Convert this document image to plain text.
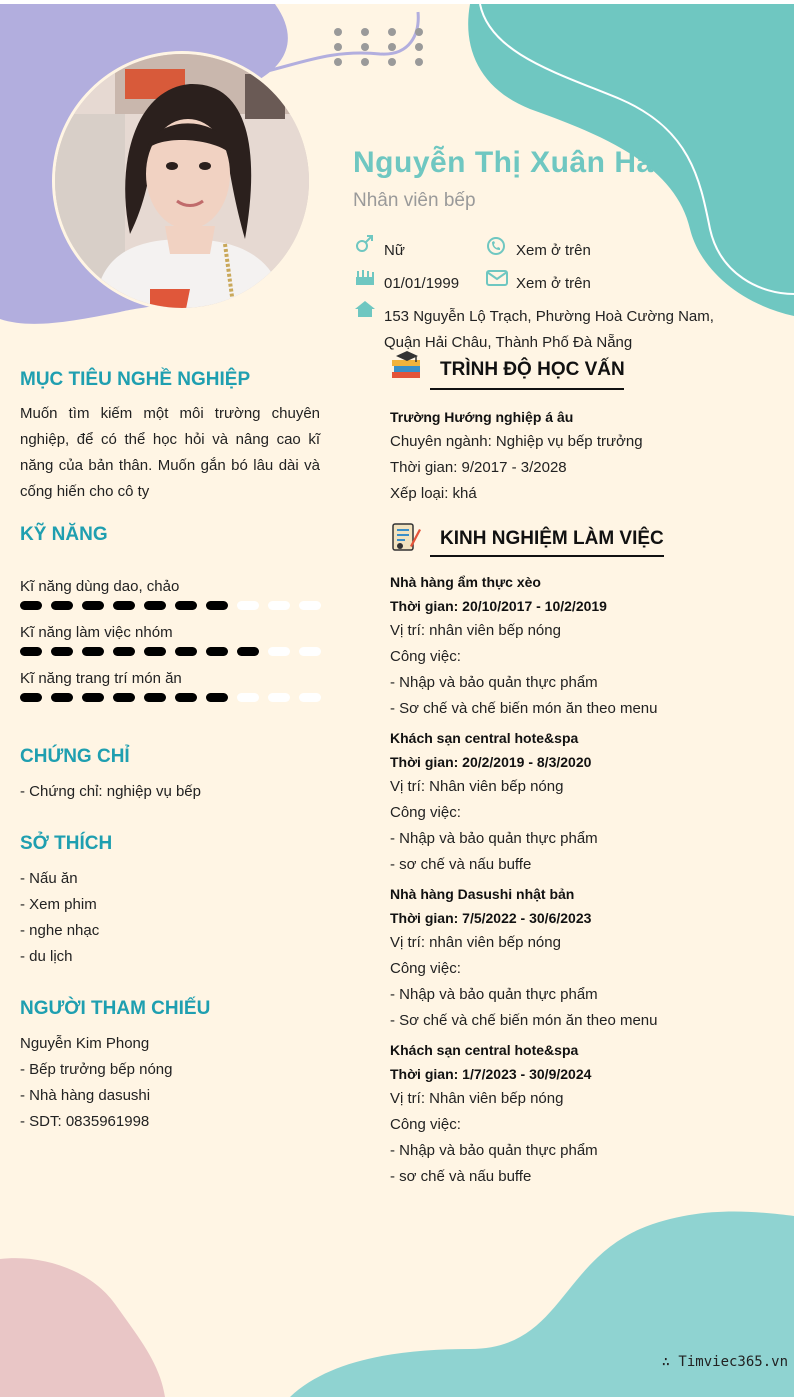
Nguyễn Thị Xuân Hà
Nhân viên bếp
Nữ	Xem ở trên
01/01/1999	Xem ở trên
153 Nguyễn Lộ Trạch, Phường Hoà Cường Nam,
Quận Hải Châu, Thành Phố Đà Nẵng
MỤC TIÊU NGHỀ NGHIỆP
Muốn tìm kiếm một môi trường chuyên nghiệp, để có thể học hỏi và nâng cao kĩ năng của bản thân. Muốn gắn bó lâu dài và cống hiến cho cô ty
KỸ NĂNG
Kĩ năng dùng dao, chảo
Kĩ năng làm việc nhóm
Kĩ năng trang trí món ăn
CHỨNG CHỈ
- Chứng chỉ: nghiệp vụ bếp
SỞ THÍCH
- Nấu ăn
- Xem phim
- nghe nhạc
- du lịch
NGƯỜI THAM CHIẾU
Nguyễn Kim Phong
- Bếp trưởng bếp nóng
- Nhà hàng dasushi
- SDT: 0835961998
TRÌNH ĐỘ HỌC VẤN
Trường Hướng nghiệp á âu
Chuyên ngành: Nghiệp vụ bếp trưởng
Thời gian: 9/2017 - 3/2028
Xếp loại: khá
KINH NGHIỆM LÀM VIỆC
Nhà hàng ẩm thực xèo
Thời gian: 20/10/2017 - 10/2/2019
Vị trí: nhân viên bếp nóng
Công việc:
- Nhập và bảo quản thực phẩm
- Sơ chế và chế biến món ăn theo menu
Khách sạn central hote&spa
Thời gian: 20/2/2019 - 8/3/2020
Vị trí: Nhân viên bếp nóng
Công việc:
- Nhập và bảo quản thực phẩm
- sơ chế và nấu buffe
Nhà hàng Dasushi nhật bản
Thời gian: 7/5/2022 - 30/6/2023
Vị trí: nhân viên bếp nóng
Công việc:
- Nhập và bảo quản thực phẩm
- Sơ chế và chế biến món ăn theo menu
Khách sạn central hote&spa
Thời gian: 1/7/2023 - 30/9/2024
Vị trí: Nhân viên bếp nóng
Công việc:
- Nhập và bảo quản thực phẩm
- sơ chế và nấu buffe
∴ Timviec365.vn
